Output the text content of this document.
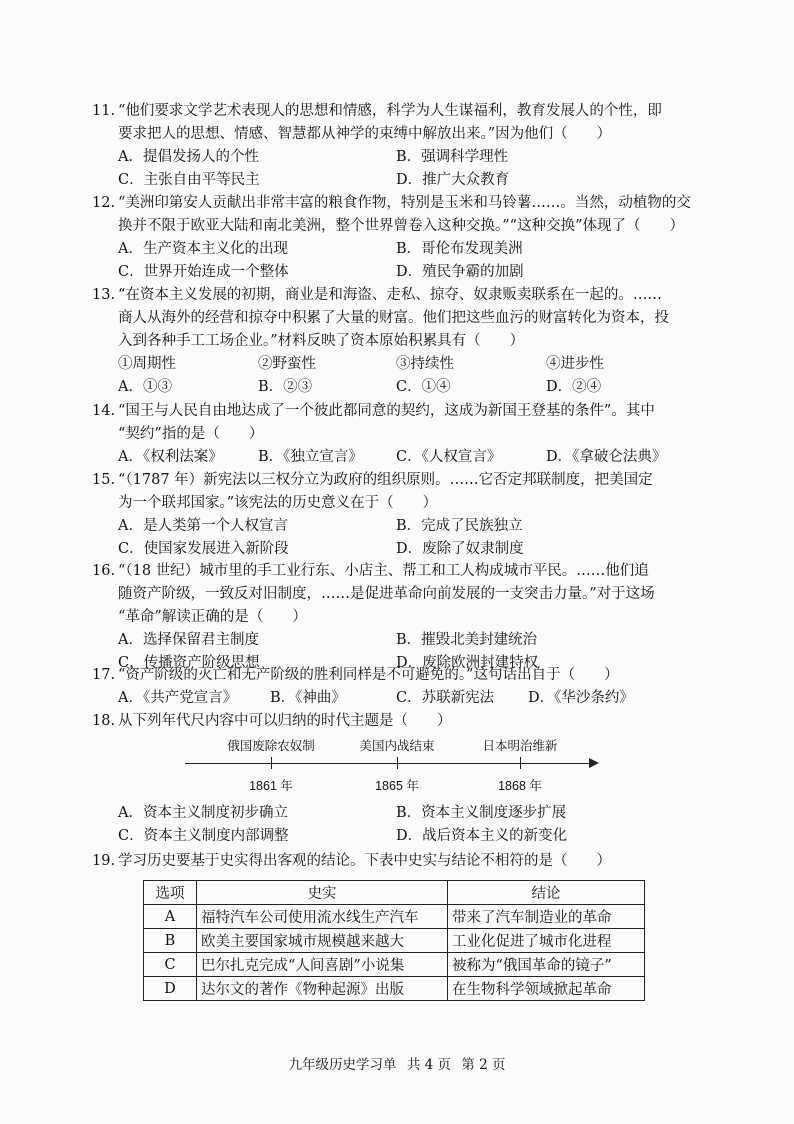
11. “他们要求文学艺术表现人的思想和情感，科学为人生谋福利，教育发展人的个性，即
要求把人的思想、情感、智慧都从神学的束缚中解放出来。”因为他们（　　）
A．提倡发扬人的个性	B．强调科学理性
C．主张自由平等民主	D．推广大众教育
12. “美洲印第安人贡献出非常丰富的粮食作物，特别是玉米和马铃薯……。当然，动植物的交
换并不限于欧亚大陆和南北美洲，整个世界曾卷入这种交换。”“这种交换”体现了（　　）
A．生产资本主义化的出现	B．哥伦布发现美洲
C．世界开始连成一个整体	D．殖民争霸的加剧
13. “在资本主义发展的初期，商业是和海盗、走私、掠夺、奴隶贩卖联系在一起的。……
商人从海外的经营和掠夺中积累了大量的财富。他们把这些血污的财富转化为资本，投
入到各种手工工场企业。”材料反映了资本原始积累具有（　　）
①周期性	②野蛮性	③持续性	④进步性
A．①③	B．②③	C．①④	D．②④
14. “国王与人民自由地达成了一个彼此都同意的契约，这成为新国王登基的条件”。其中
“契约”指的是（　　）
A．《权利法案》 B．《独立宣言》 C．《人权宣言》	D．《拿破仑法典》
15. “（1787 年）新宪法以三权分立为政府的组织原则。……它否定邦联制度，把美国定
为一个联邦国家。”该宪法的历史意义在于（　　）
A．是人类第一个人权宣言	B．完成了民族独立
C．使国家发展进入新阶段	D．废除了奴隶制度
16. “（18 世纪）城市里的手工业行东、小店主、帮工和工人构成城市平民。……他们追
随资产阶级，一致反对旧制度，……是促进革命向前发展的一支突击力量。”对于这场
“革命”解读正确的是（　　）
A．选择保留君主制度	B．摧毁北美封建统治
C．传播资产阶级思想	D．废除欧洲封建特权
17. “资产阶级的灭亡和无产阶级的胜利同样是不可避免的。”这句话出自于（　　）
A．《共产党宣言》 B．《神曲》	C．苏联新宪法 D．《华沙条约》
18. 从下列年代尺内容中可以归纳的时代主题是（　　）
俄国废除农奴制	美国内战结束	日本明治维新
1861 年	1865 年	1868 年
A．资本主义制度初步确立	B．资本主义制度逐步扩展
C．资本主义制度内部调整	D．战后资本主义的新变化
19. 学习历史要基于史实得出客观的结论。下表中史实与结论不相符的是（　　）
选项	史实	结论
A	福特汽车公司使用流水线生产汽车	带来了汽车制造业的革命
B	欧美主要国家城市规模越来越大	工业化促进了城市化进程
C	巴尔扎克完成“人间喜剧”小说集	被称为“俄国革命的镜子”
D	达尔文的著作《物种起源》出版	在生物科学领域掀起革命
九年级历史学习单 共 4 页 第 2 页
